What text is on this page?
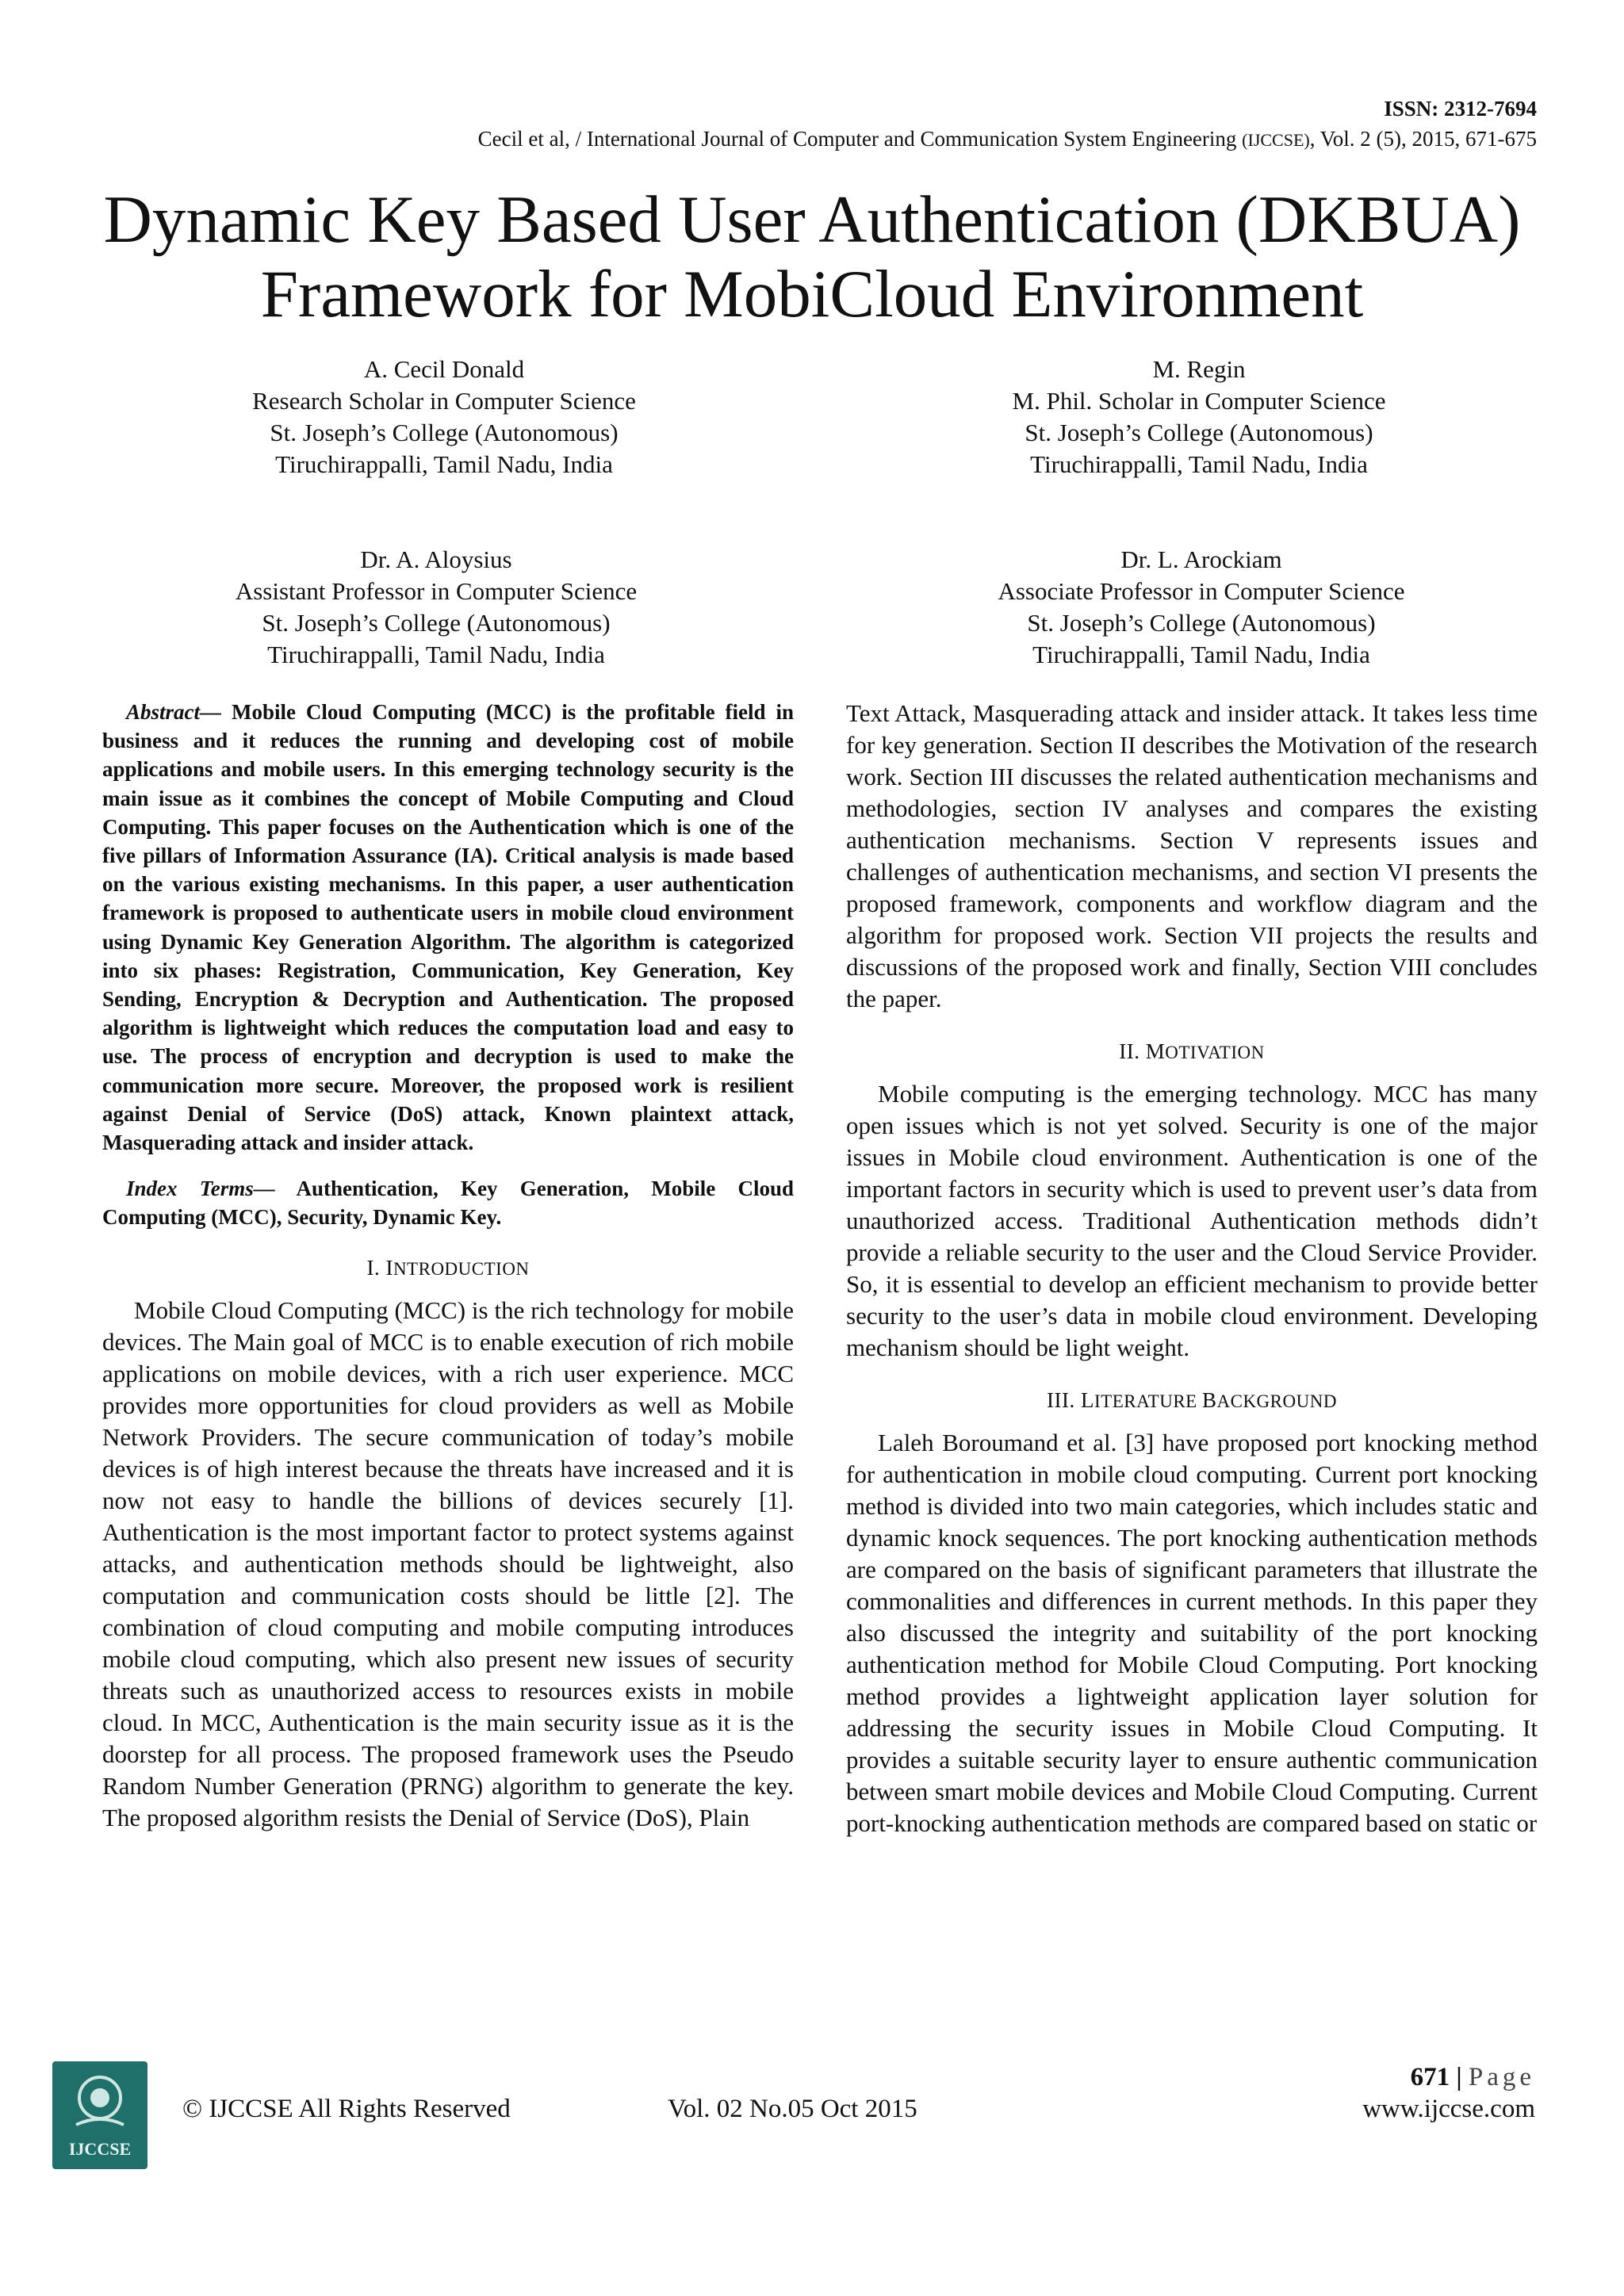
ISSN: 2312-7694
Cecil et al, / International Journal of Computer and Communication System Engineering (IJCCSE), Vol. 2 (5), 2015, 671-675
Dynamic Key Based User Authentication (DKBUA)
Framework for MobiCloud Environment
A. Cecil Donald
Research Scholar in Computer Science
St. Joseph’s College (Autonomous)
Tiruchirappalli, Tamil Nadu, India
M. Regin
M. Phil. Scholar in Computer Science
St. Joseph’s College (Autonomous)
Tiruchirappalli, Tamil Nadu, India
Dr. A. Aloysius
Assistant Professor in Computer Science
St. Joseph’s College (Autonomous)
Tiruchirappalli, Tamil Nadu, India
Dr. L. Arockiam
Associate Professor in Computer Science
St. Joseph’s College (Autonomous)
Tiruchirappalli, Tamil Nadu, India

Abstract— Mobile Cloud Computing (MCC) is the profitable field in business and it reduces the running and developing cost of mobile applications and mobile users. In this emerging technology security is the main issue as it combines the concept of Mobile Computing and Cloud Computing. This paper focuses on the Authentication which is one of the five pillars of Information Assurance (IA). Critical analysis is made based on the various existing mechanisms. In this paper, a user authentication framework is proposed to authenticate users in mobile cloud environment using Dynamic Key Generation Algorithm. The algorithm is categorized into six phases: Registration, Communication, Key Generation, Key Sending, Encryption & Decryption and Authentication. The proposed algorithm is lightweight which reduces the computation load and easy to use. The process of encryption and decryption is used to make the communication more secure. Moreover, the proposed work is resilient against Denial of Service (DoS) attack, Known plaintext attack, Masquerading attack and insider attack.

Index Terms— Authentication, Key Generation, Mobile Cloud Computing (MCC), Security, Dynamic Key.

I. INTRODUCTION

Mobile Cloud Computing (MCC) is the rich technology for mobile devices. The Main goal of MCC is to enable execution of rich mobile applications on mobile devices, with a rich user experience. MCC provides more opportunities for cloud providers as well as Mobile Network Providers. The secure communication of today’s mobile devices is of high interest because the threats have increased and it is now not easy to handle the billions of devices securely [1]. Authentication is the most important factor to protect systems against attacks, and authentication methods should be lightweight, also computation and communication costs should be little [2]. The combination of cloud computing and mobile computing introduces mobile cloud computing, which also present new issues of security threats such as unauthorized access to resources exists in mobile cloud. In MCC, Authentication is the main security issue as it is the doorstep for all process. The proposed framework uses the Pseudo Random Number Generation (PRNG) algorithm to generate the key. The proposed algorithm resists the Denial of Service (DoS), Plain

Text Attack, Masquerading attack and insider attack. It takes less time for key generation. Section II describes the Motivation of the research work. Section III discusses the related authentication mechanisms and methodologies, section IV analyses and compares the existing authentication mechanisms. Section V represents issues and challenges of authentication mechanisms, and section VI presents the proposed framework, components and workflow diagram and the algorithm for proposed work. Section VII projects the results and discussions of the proposed work and finally, Section VIII concludes the paper.

II. MOTIVATION

Mobile computing is the emerging technology. MCC has many open issues which is not yet solved. Security is one of the major issues in Mobile cloud environment. Authentication is one of the important factors in security which is used to prevent user’s data from unauthorized access. Traditional Authentication methods didn’t provide a reliable security to the user and the Cloud Service Provider. So, it is essential to develop an efficient mechanism to provide better security to the user’s data in mobile cloud environment. Developing mechanism should be light weight.

III. LITERATURE BACKGROUND

Laleh Boroumand et al. [3] have proposed port knocking method for authentication in mobile cloud computing. Current port knocking method is divided into two main categories, which includes static and dynamic knock sequences. The port knocking authentication methods are compared on the basis of significant parameters that illustrate the commonalities and differences in current methods. In this paper they also discussed the integrity and suitability of the port knocking authentication method for Mobile Cloud Computing. Port knocking method provides a lightweight application layer solution for addressing the security issues in Mobile Cloud Computing. It provides a suitable security layer to ensure authentic communication between smart mobile devices and Mobile Cloud Computing. Current port-knocking authentication methods are compared based on static or

IJCCSE
© IJCCSE All Rights Reserved	Vol. 02 No.05 Oct 2015
671 | Page
www.ijccse.com
